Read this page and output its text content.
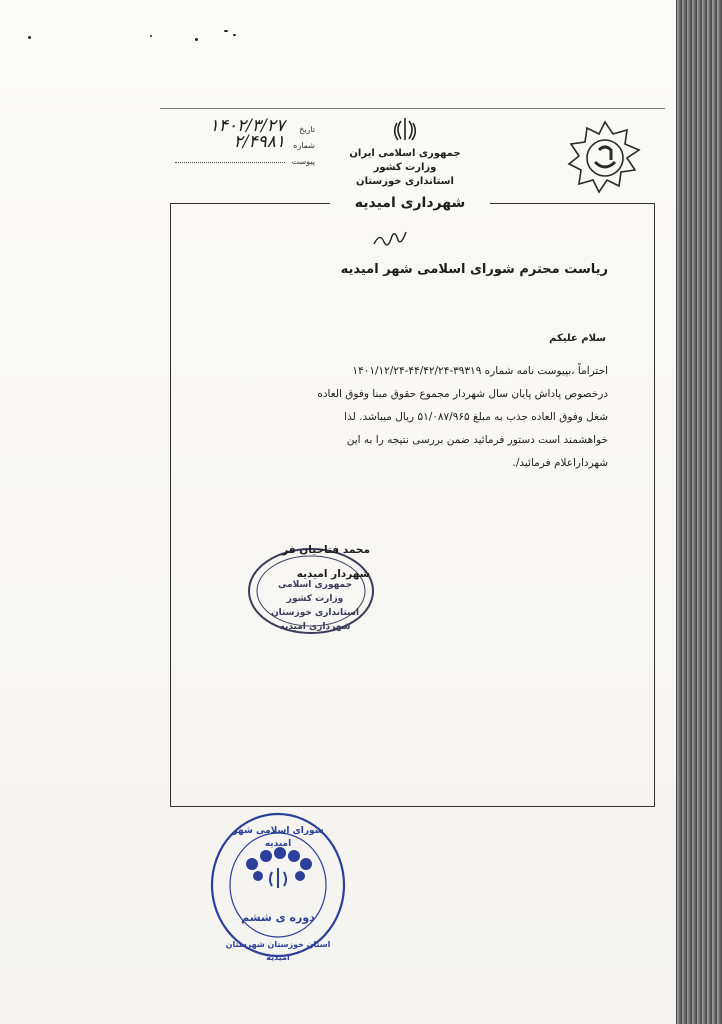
جمهوری اسلامی ایران
وزارت کشور
استانداری خوزستان
تاریخ
۱۴۰۲/۳/۲۷
شماره
۲/۴۹۸۱
پیوست
شهرداری امیدیه
ریاست محترم شورای اسلامی شهر امیدیه
سلام علیکم
احتراماً ،بپیوست نامه شماره ۳۹۳۱۹-۴۴/۴۲/۲۴-۱۴۰۱/۱۲/۲۴
درخصوص پاداش پایان سال شهردار مجموع حقوق مبنا وفوق العاده
شغل وفوق العاده جذب به مبلغ ۵۱/۰۸۷/۹۶۵ ریال میباشد. لذا
خواهشمند است دستور فرمائید ضمن بررسی نتیجه را به این
شهرداراعلام فرمائید/.
جمهوری اسلامی
وزارت کشور
استانداری خوزستان
شهرداری امیدیه
محمد فتاحیان فر
شهردار امیدیه
شورای اسلامی شهر امیدیه
دوره ی ششم
استان خوزستان شهرستان امیدیه
